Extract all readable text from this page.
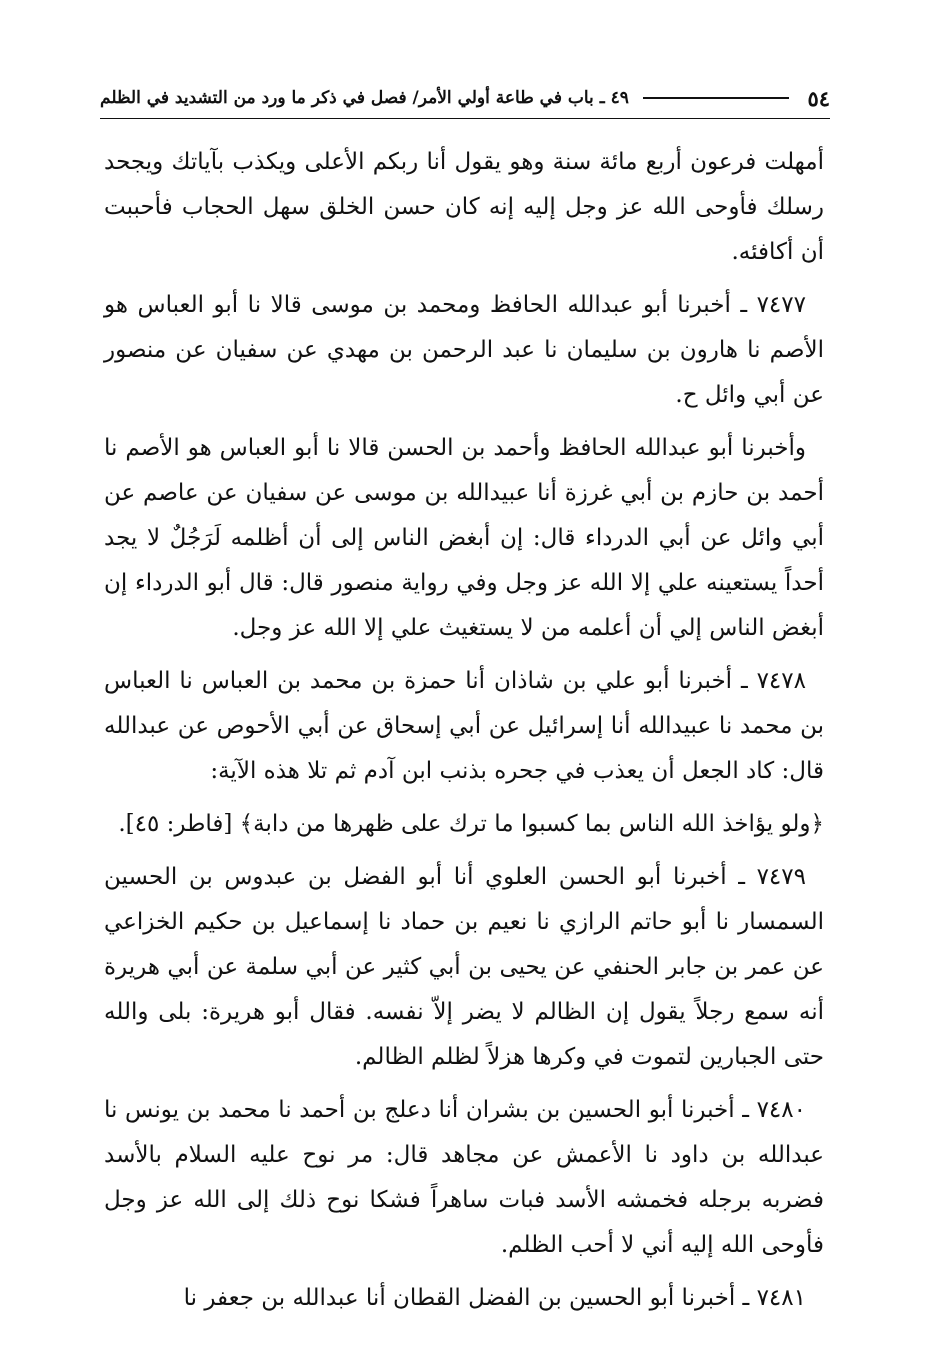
٥٤
٤٩ ـ باب في طاعة أولي الأمر/ فصل في ذكر ما ورد من التشديد في الظلم

أمهلت فرعون أربع مائة سنة وهو يقول أنا ربكم الأعلى ويكذب بآياتك ويجحد رسلك فأوحى الله عز وجل إليه إنه كان حسن الخلق سهل الحجاب فأحببت أن أكافئه.

٧٤٧٧ ـ أخبرنا أبو عبدالله الحافظ ومحمد بن موسى قالا نا أبو العباس هو الأصم نا هارون بن سليمان نا عبد الرحمن بن مهدي عن سفيان عن منصور عن أبي وائل ح.

وأخبرنا أبو عبدالله الحافظ وأحمد بن الحسن قالا نا أبو العباس هو الأصم نا أحمد بن حازم بن أبي غرزة أنا عبيدالله بن موسى عن سفيان عن عاصم عن أبي وائل عن أبي الدرداء قال: إن أبغض الناس إلى أن أظلمه لَرَجُلٌ لا يجد أحداً يستعينه علي إلا الله عز وجل وفي رواية منصور قال: قال أبو الدرداء إن أبغض الناس إلي أن أعلمه من لا يستغيث علي إلا الله عز وجل.

٧٤٧٨ ـ أخبرنا أبو علي بن شاذان أنا حمزة بن محمد بن العباس نا العباس بن محمد نا عبيدالله أنا إسرائيل عن أبي إسحاق عن أبي الأحوص عن عبدالله قال: كاد الجعل أن يعذب في جحره بذنب ابن آدم ثم تلا هذه الآية:

﴿ولو يؤاخذ الله الناس بما كسبوا ما ترك على ظهرها من دابة﴾ [فاطر: ٤٥].

٧٤٧٩ ـ أخبرنا أبو الحسن العلوي أنا أبو الفضل بن عبدوس بن الحسين السمسار نا أبو حاتم الرازي نا نعيم بن حماد نا إسماعيل بن حكيم الخزاعي عن عمر بن جابر الحنفي عن يحيى بن أبي كثير عن أبي سلمة عن أبي هريرة أنه سمع رجلاً يقول إن الظالم لا يضر إلاّ نفسه. فقال أبو هريرة: بلى والله حتى الجبارين لتموت في وكرها هزلاً لظلم الظالم.

٧٤٨٠ ـ أخبرنا أبو الحسين بن بشران أنا دعلج بن أحمد نا محمد بن يونس نا عبدالله بن داود نا الأعمش عن مجاهد قال: مر نوح عليه السلام بالأسد فضربه برجله فخمشه الأسد فبات ساهراً فشكا نوح ذلك إلى الله عز وجل فأوحى الله إليه أني لا أحب الظلم.

٧٤٨١ ـ أخبرنا أبو الحسين بن الفضل القطان أنا عبدالله بن جعفر نا
